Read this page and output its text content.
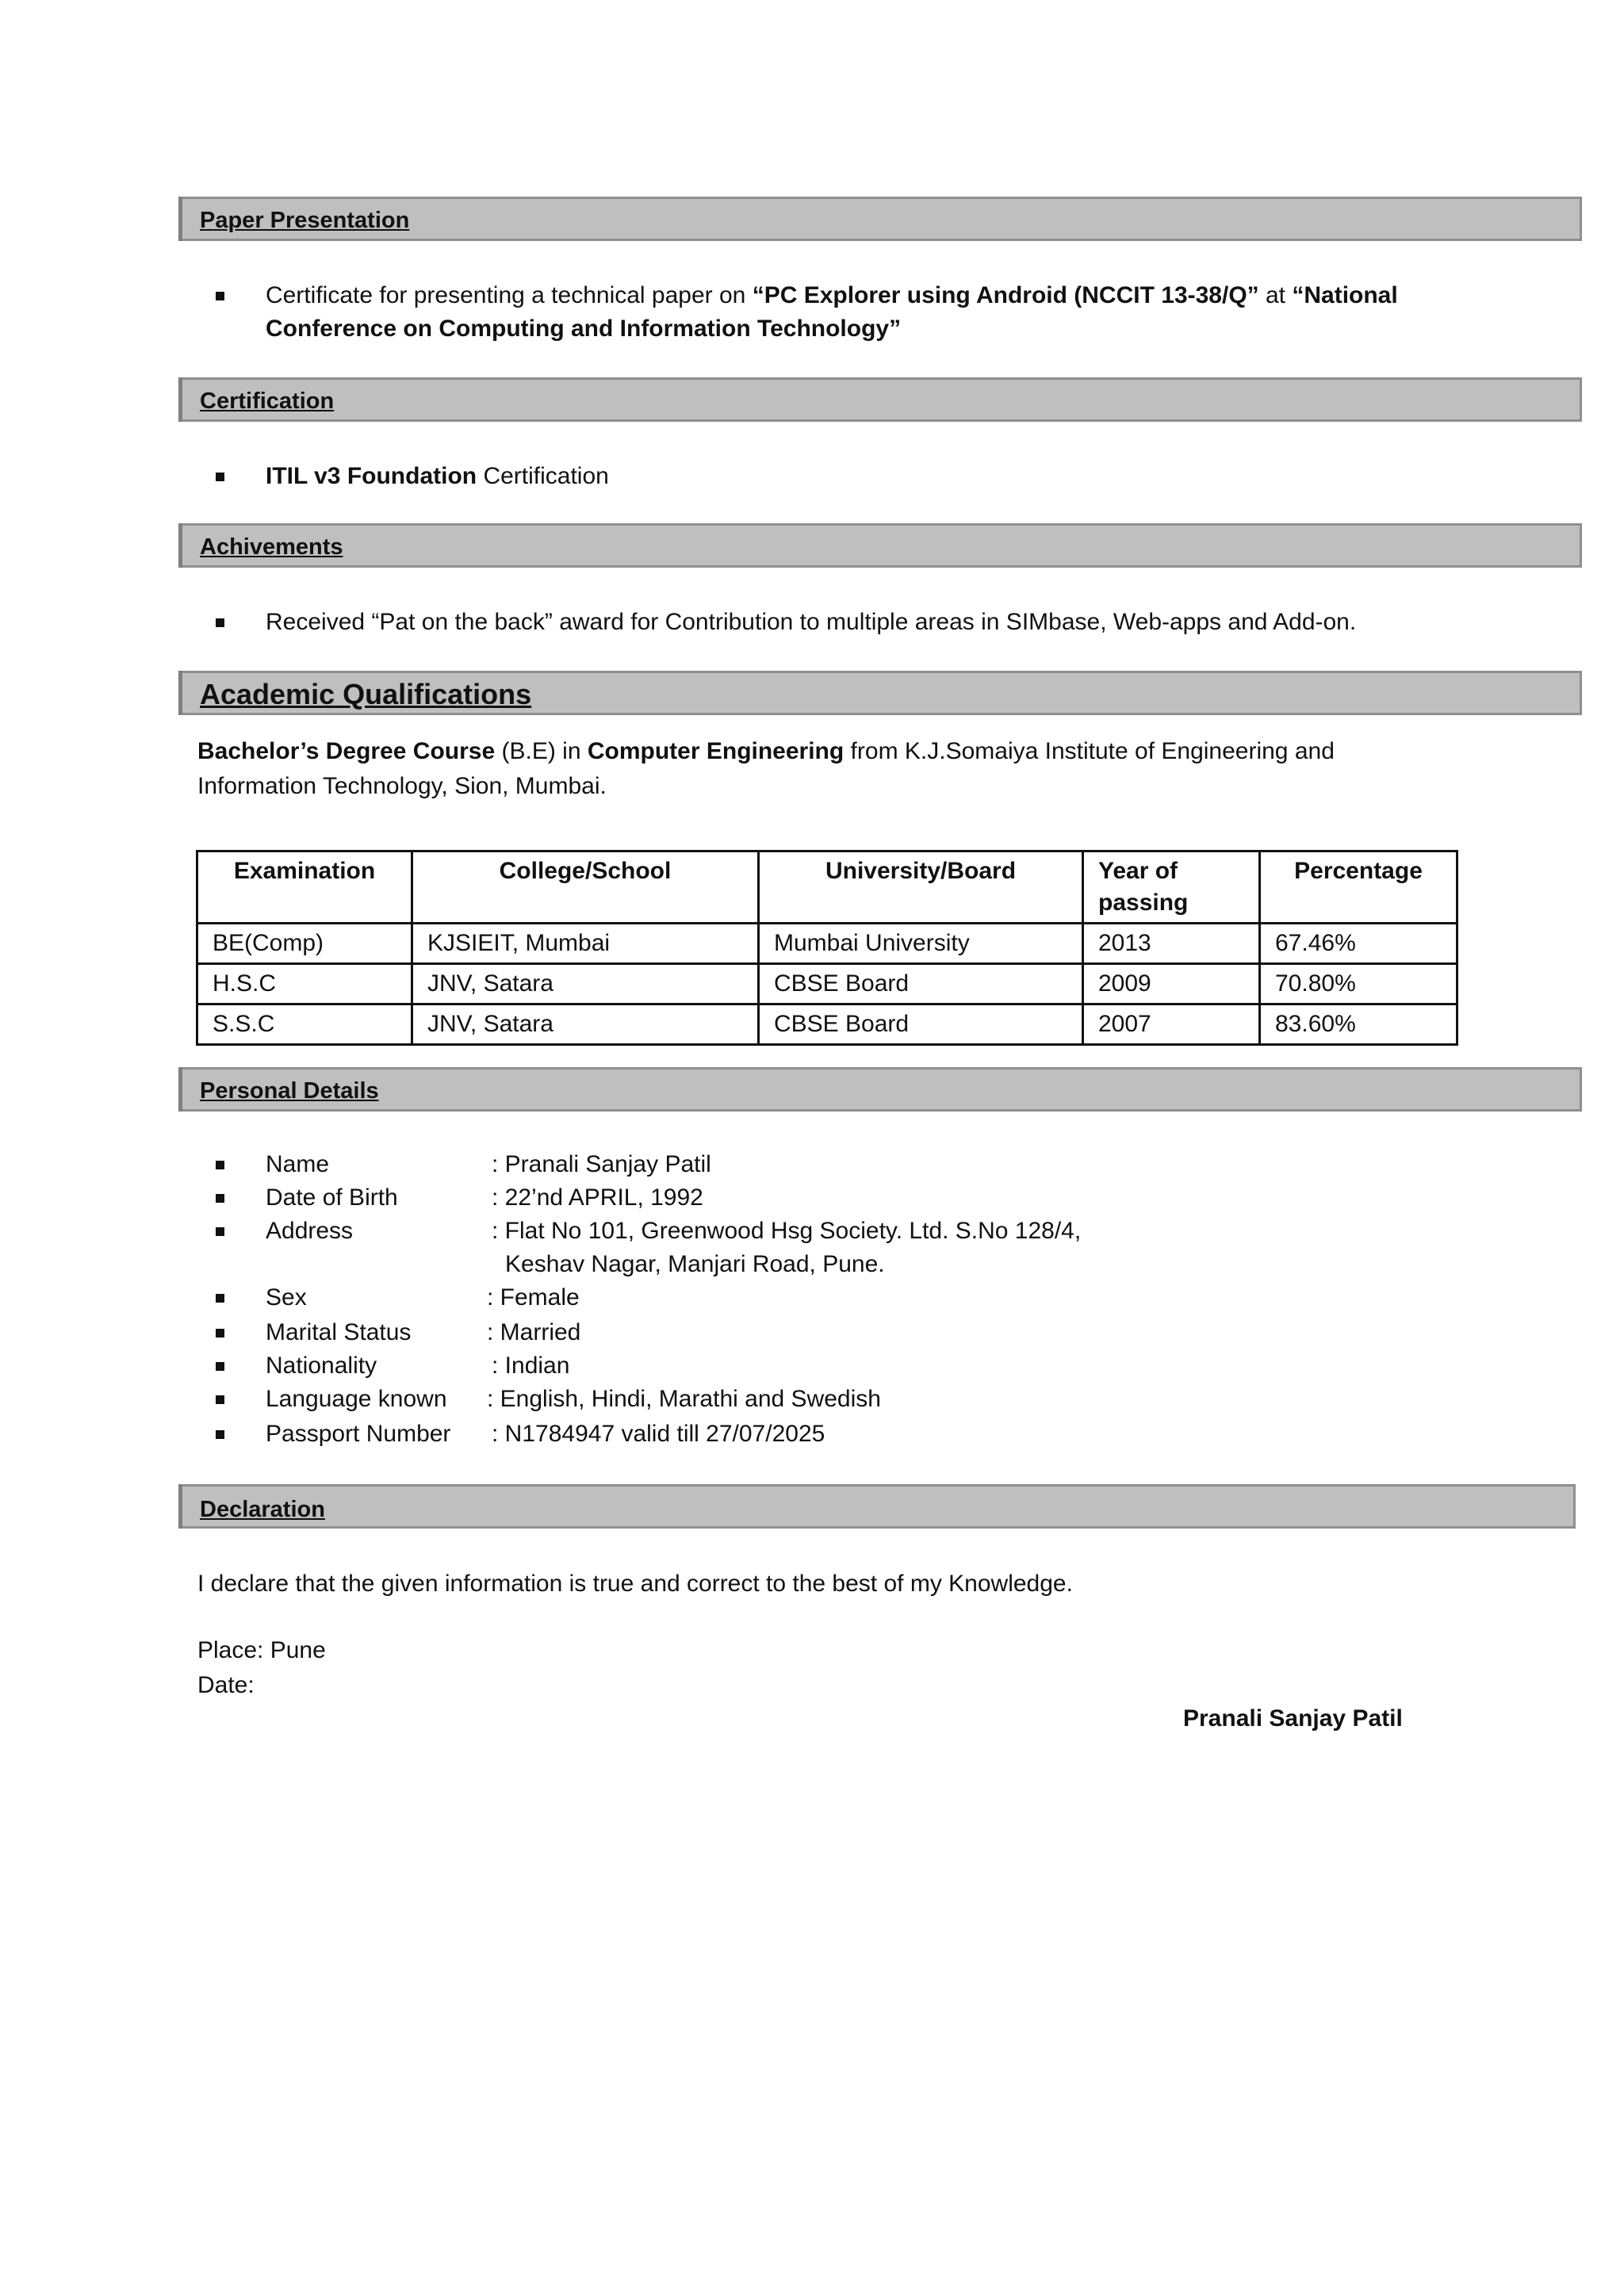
Paper Presentation
Certificate for presenting a technical paper on “PC Explorer using Android (NCCIT 13-38/Q” at “National
Conference on Computing and Information Technology”
Certification
ITIL v3 Foundation Certification
Achivements
Received “Pat on the back” award for Contribution to multiple areas in SIMbase, Web-apps and Add-on.
Academic Qualifications
Bachelor’s Degree Course (B.E) in Computer Engineering from K.J.Somaiya Institute of Engineering and
Information Technology, Sion, Mumbai.
Examination	College/School	University/Board	Year of passing	Percentage
BE(Comp)	KJSIEIT, Mumbai	Mumbai University	2013	67.46%
H.S.C	JNV, Satara	CBSE Board	2009	70.80%
S.S.C	JNV, Satara	CBSE Board	2007	83.60%
Personal Details
Name	: Pranali Sanjay Patil
Date of Birth	: 22’nd APRIL, 1992
Address	: Flat No 101, Greenwood Hsg Society. Ltd. S.No 128/4,
Keshav Nagar, Manjari Road, Pune.
Sex	: Female
Marital Status	: Married
Nationality	: Indian
Language known : English, Hindi, Marathi and Swedish
Passport Number : N1784947 valid till 27/07/2025
Declaration
I declare that the given information is true and correct to the best of my Knowledge.
Place: Pune
Date:
Pranali Sanjay Patil
